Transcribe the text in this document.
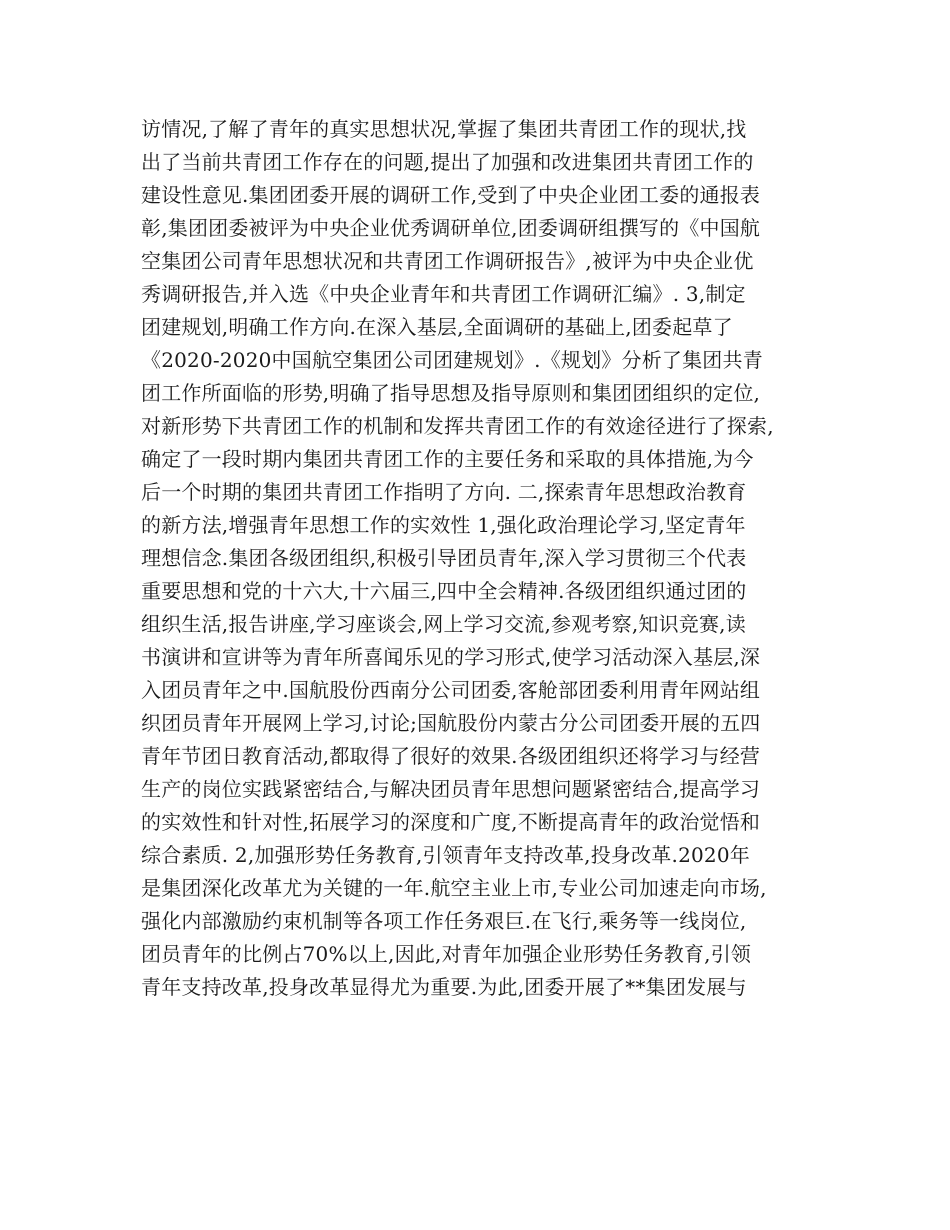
访情况,了解了青年的真实思想状况,掌握了集团共青团工作的现状,找
出了当前共青团工作存在的问题,提出了加强和改进集团共青团工作的
建设性意见.集团团委开展的调研工作,受到了中央企业团工委的通报表
彰,集团团委被评为中央企业优秀调研单位,团委调研组撰写的《中国航
空集团公司青年思想状况和共青团工作调研报告》,被评为中央企业优
秀调研报告,并入选《中央企业青年和共青团工作调研汇编》. 3,制定
团建规划,明确工作方向.在深入基层,全面调研的基础上,团委起草了
《2020-2020中国航空集团公司团建规划》.《规划》分析了集团共青
团工作所面临的形势,明确了指导思想及指导原则和集团团组织的定位,
对新形势下共青团工作的机制和发挥共青团工作的有效途径进行了探索,
确定了一段时期内集团共青团工作的主要任务和采取的具体措施,为今
后一个时期的集团共青团工作指明了方向. 二,探索青年思想政治教育
的新方法,增强青年思想工作的实效性 1,强化政治理论学习,坚定青年
理想信念.集团各级团组织,积极引导团员青年,深入学习贯彻三个代表
重要思想和党的十六大,十六届三,四中全会精神.各级团组织通过团的
组织生活,报告讲座,学习座谈会,网上学习交流,参观考察,知识竞赛,读
书演讲和宣讲等为青年所喜闻乐见的学习形式,使学习活动深入基层,深
入团员青年之中.国航股份西南分公司团委,客舱部团委利用青年网站组
织团员青年开展网上学习,讨论;国航股份内蒙古分公司团委开展的五四
青年节团日教育活动,都取得了很好的效果.各级团组织还将学习与经营
生产的岗位实践紧密结合,与解决团员青年思想问题紧密结合,提高学习
的实效性和针对性,拓展学习的深度和广度,不断提高青年的政治觉悟和
综合素质. 2,加强形势任务教育,引领青年支持改革,投身改革.2020年
是集团深化改革尤为关键的一年.航空主业上市,专业公司加速走向市场,
强化内部激励约束机制等各项工作任务艰巨.在飞行,乘务等一线岗位,
团员青年的比例占70%以上,因此,对青年加强企业形势任务教育,引领
青年支持改革,投身改革显得尤为重要.为此,团委开展了**集团发展与
